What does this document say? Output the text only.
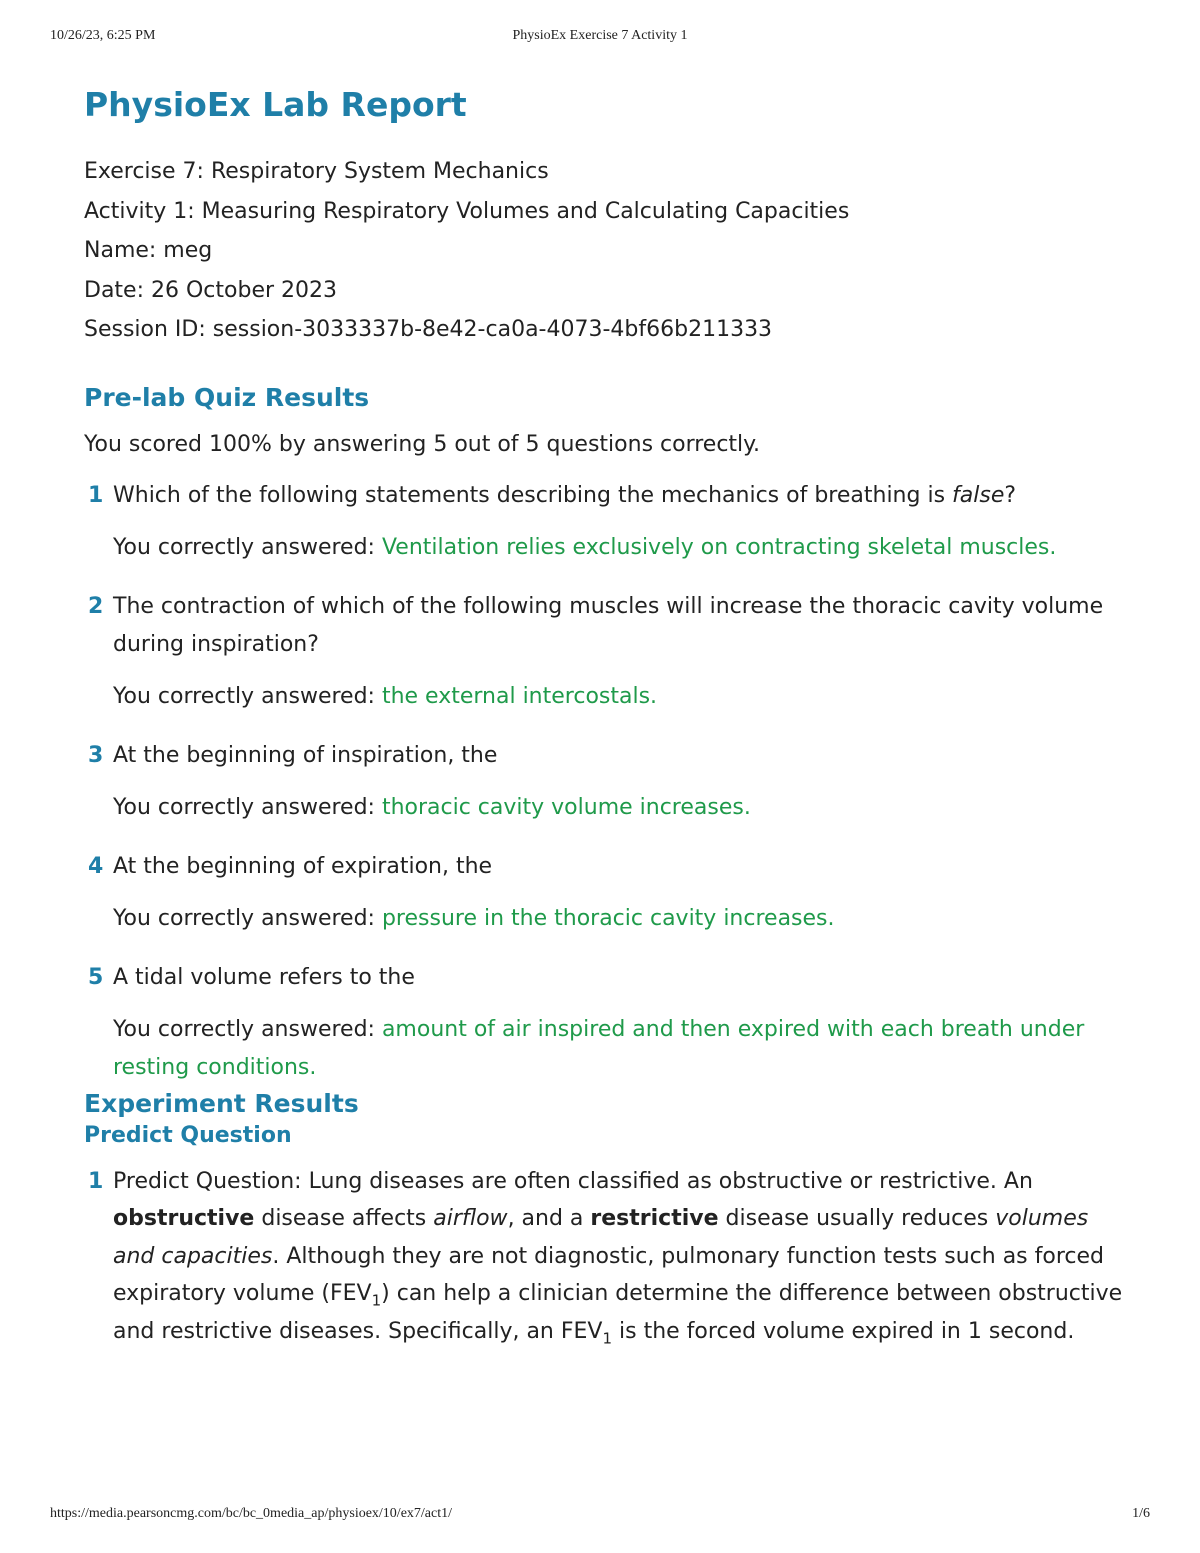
10/26/23, 6:25 PM	PhysioEx Exercise 7 Activity 1
PhysioEx Lab Report
Exercise 7: Respiratory System Mechanics
Activity 1: Measuring Respiratory Volumes and Calculating Capacities
Name: meg
Date: 26 October 2023
Session ID: session-3033337b-8e42-ca0a-4073-4bf66b211333
Pre-lab Quiz Results
You scored 100% by answering 5 out of 5 questions correctly.
1 Which of the following statements describing the mechanics of breathing is false?
You correctly answered: Ventilation relies exclusively on contracting skeletal muscles.
2 The contraction of which of the following muscles will increase the thoracic cavity volume during inspiration?
You correctly answered: the external intercostals.
3 At the beginning of inspiration, the
You correctly answered: thoracic cavity volume increases.
4 At the beginning of expiration, the
You correctly answered: pressure in the thoracic cavity increases.
5 A tidal volume refers to the
You correctly answered: amount of air inspired and then expired with each breath under resting conditions.
Experiment Results
Predict Question
1 Predict Question: Lung diseases are often classified as obstructive or restrictive. An obstructive disease affects airflow, and a restrictive disease usually reduces volumes and capacities. Although they are not diagnostic, pulmonary function tests such as forced expiratory volume $(FEV_1)$ can help a clinician determine the difference between obstructive and restrictive diseases. Specifically, an $FEV_1$ is the forced volume expired in 1 second.
https://media.pearsoncmg.com/bc/bc_0media_ap/physioex/10/ex7/act1/	1/6
